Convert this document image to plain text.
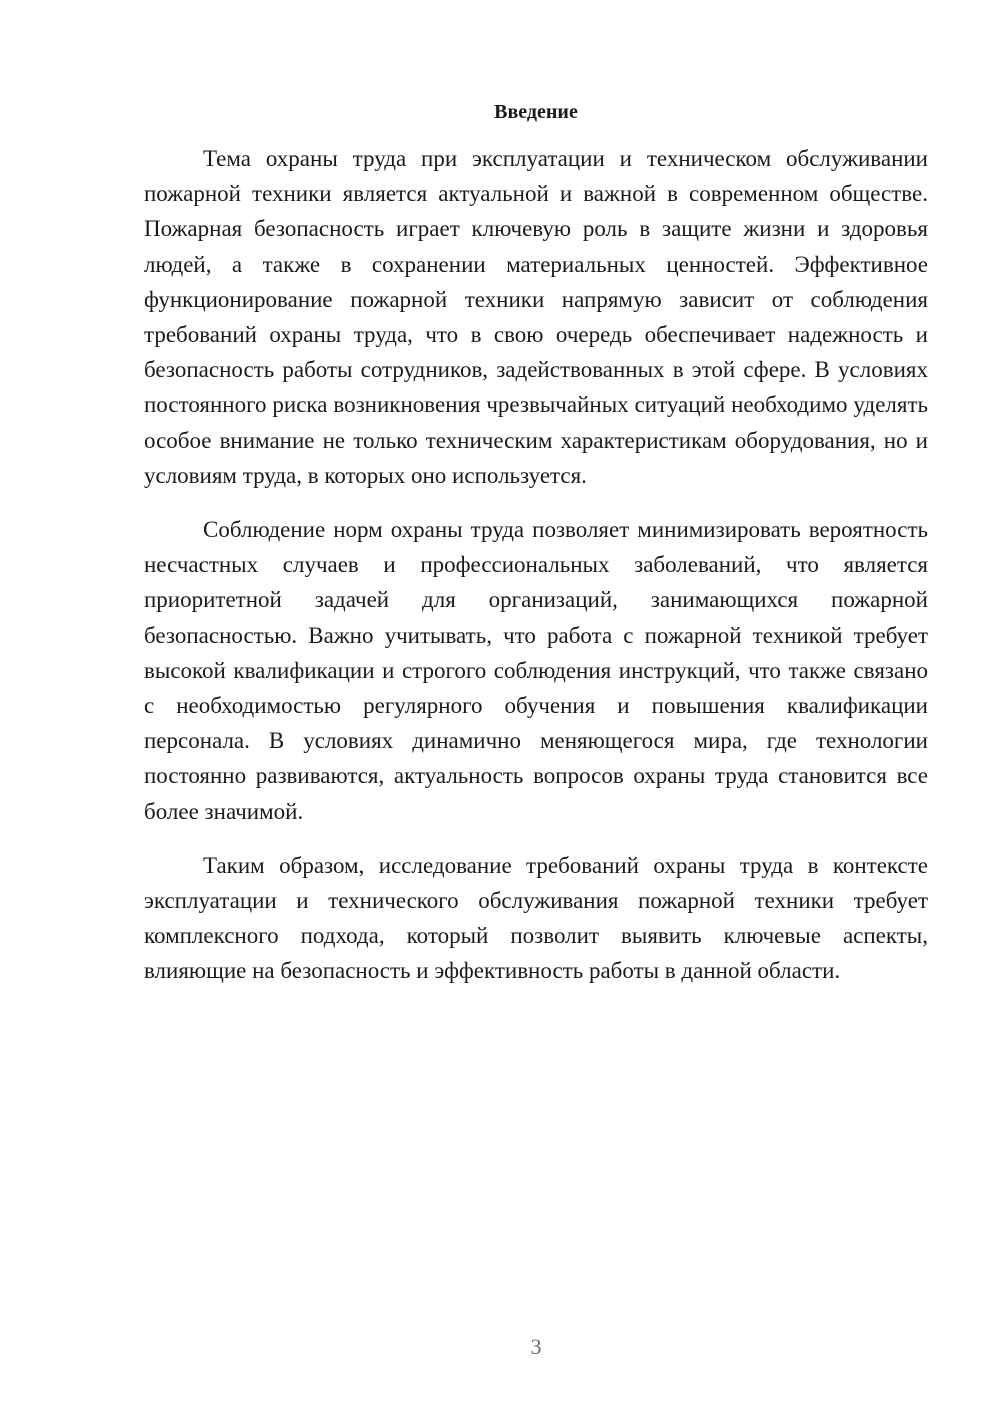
Введение

Тема охраны труда при эксплуатации и техническом обслуживании пожарной техники является актуальной и важной в современном обществе. Пожарная безопасность играет ключевую роль в защите жизни и здоровья людей, а также в сохранении материальных ценностей. Эффективное функционирование пожарной техники напрямую зависит от соблюдения требований охраны труда, что в свою очередь обеспечивает надежность и безопасность работы сотрудников, задействованных в этой сфере. В условиях постоянного риска возникновения чрезвычайных ситуаций необходимо уделять особое внимание не только техническим характеристикам оборудования, но и условиям труда, в которых оно используется.

Соблюдение норм охраны труда позволяет минимизировать вероятность несчастных случаев и профессиональных заболеваний, что является приоритетной задачей для организаций, занимающихся пожарной безопасностью. Важно учитывать, что работа с пожарной техникой требует высокой квалификации и строгого соблюдения инструкций, что также связано с необходимостью регулярного обучения и повышения квалификации персонала. В условиях динамично меняющегося мира, где технологии постоянно развиваются, актуальность вопросов охраны труда становится все более значимой.

Таким образом, исследование требований охраны труда в контексте эксплуатации и технического обслуживания пожарной техники требует комплексного подхода, который позволит выявить ключевые аспекты, влияющие на безопасность и эффективность работы в данной области.

3
